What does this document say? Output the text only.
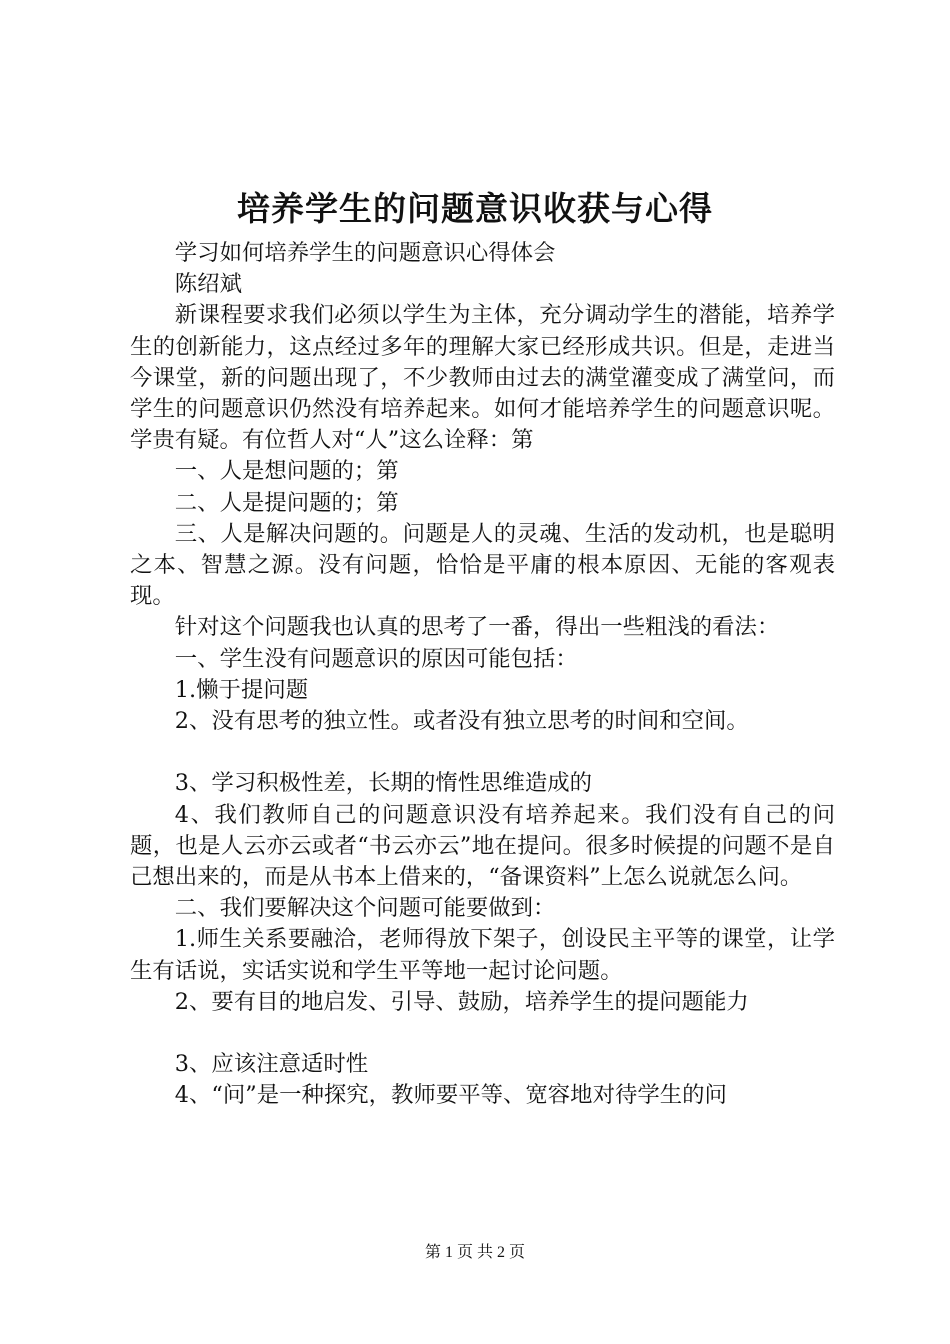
培养学生的问题意识收获与心得

学习如何培养学生的问题意识心得体会

陈绍斌

新课程要求我们必须以学生为主体，充分调动学生的潜能，培养学生的创新能力，这点经过多年的理解大家已经形成共识。但是，走进当今课堂，新的问题出现了，不少教师由过去的满堂灌变成了满堂问，而学生的问题意识仍然没有培养起来。如何才能培养学生的问题意识呢。学贵有疑。有位哲人对“人”这么诠释：第

一、人是想问题的；第

二、人是提问题的；第

三、人是解决问题的。问题是人的灵魂、生活的发动机，也是聪明之本、智慧之源。没有问题，恰恰是平庸的根本原因、无能的客观表现。

针对这个问题我也认真的思考了一番，得出一些粗浅的看法：

一、学生没有问题意识的原因可能包括：

1.懒于提问题

2、没有思考的独立性。或者没有独立思考的时间和空间。

3、学习积极性差，长期的惰性思维造成的

4、我们教师自己的问题意识没有培养起来。我们没有自己的问题，也是人云亦云或者“书云亦云”地在提问。很多时候提的问题不是自己想出来的，而是从书本上借来的，“备课资料”上怎么说就怎么问。

二、我们要解决这个问题可能要做到：

1.师生关系要融洽，老师得放下架子，创设民主平等的课堂，让学生有话说，实话实说和学生平等地一起讨论问题。

2、要有目的地启发、引导、鼓励，培养学生的提问题能力

3、应该注意适时性

4、“问”是一种探究，教师要平等、宽容地对待学生的问

第 1 页 共 2 页
